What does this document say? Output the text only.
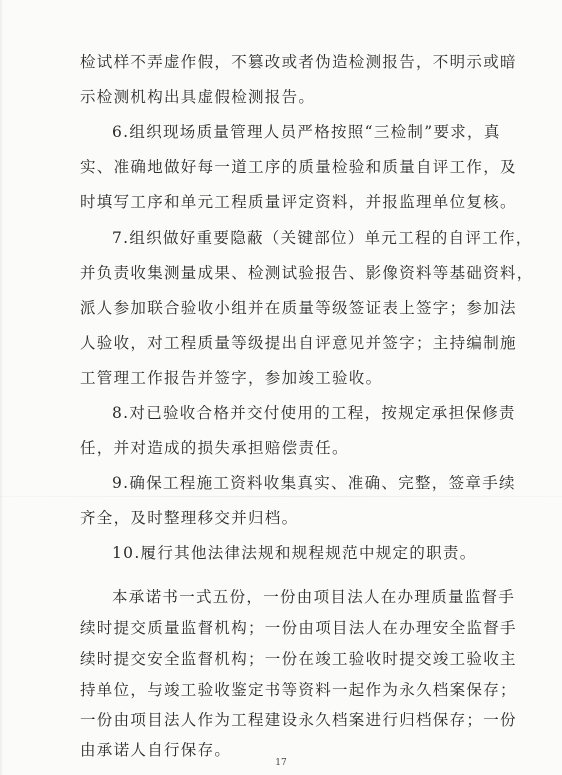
检试样不弄虚作假，不篡改或者伪造检测报告，不明示或暗
示检测机构出具虚假检测报告。
6.组织现场质量管理人员严格按照“三检制”要求，真
实、准确地做好每一道工序的质量检验和质量自评工作，及
时填写工序和单元工程质量评定资料，并报监理单位复核。
7.组织做好重要隐蔽（关键部位）单元工程的自评工作，
并负责收集测量成果、检测试验报告、影像资料等基础资料，
派人参加联合验收小组并在质量等级签证表上签字；参加法
人验收，对工程质量等级提出自评意见并签字；主持编制施
工管理工作报告并签字，参加竣工验收。
8.对已验收合格并交付使用的工程，按规定承担保修责
任，并对造成的损失承担赔偿责任。
9.确保工程施工资料收集真实、准确、完整，签章手续
齐全，及时整理移交并归档。
10.履行其他法律法规和规程规范中规定的职责。
本承诺书一式五份，一份由项目法人在办理质量监督手
续时提交质量监督机构；一份由项目法人在办理安全监督手
续时提交安全监督机构；一份在竣工验收时提交竣工验收主
持单位，与竣工验收鉴定书等资料一起作为永久档案保存；
一份由项目法人作为工程建设永久档案进行归档保存；一份
由承诺人自行保存。
17
